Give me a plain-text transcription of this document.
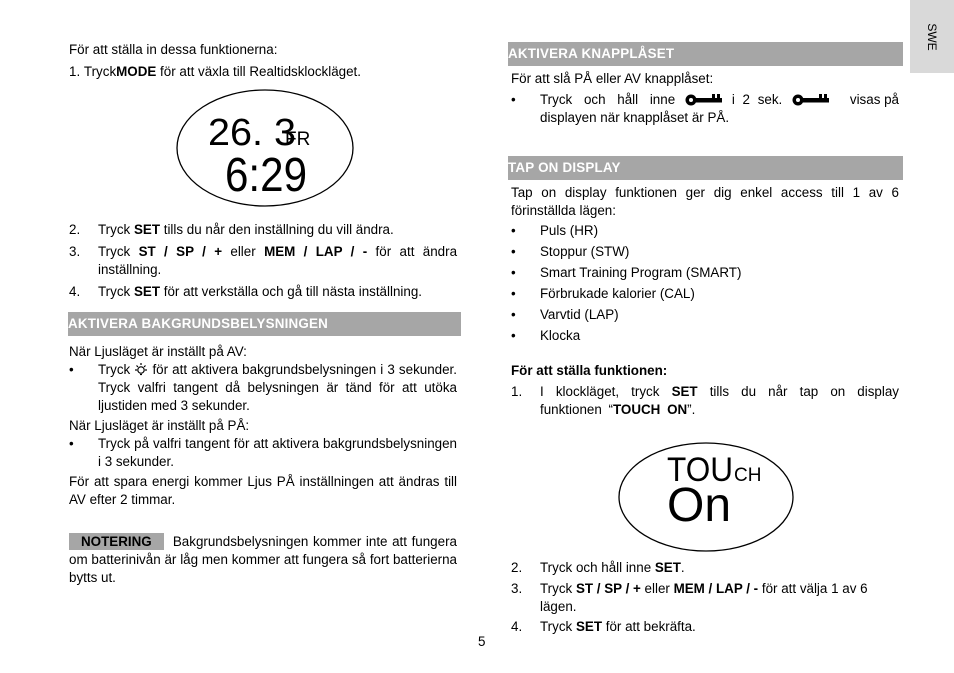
SWE

För att ställa in dessa funktionerna:

1.
Tryck MODE för att växla till Realtidsklockläget.
26. 3
FR
6:29
2.	Tryck SET tills du når den inställning du vill ändra.
3.	Tryck ST / SP / + eller MEM / LAP / - för att ändra inställning.
4.	Tryck SET för att verkställa och gå till nästa inställning.
AKTIVERA BAKGRUNDSBELYSNINGEN

När Ljusläget är inställt på AV:

•	Tryck  för att aktivera bakgrundsbelysningen i 3 sekunder. Tryck valfri tangent då belysningen är tänd för att utöka ljustiden med 3 sekunder.

När Ljusläget är inställt på PÅ:

•	Tryck på valfri tangent för att aktivera bakgrundsbelysningen i 3 sekunder.

För att spara energi kommer Ljus PÅ inställningen att ändras till AV efter 2 timmar.

NOTERING Bakgrundsbelysningen kommer inte att fungera om batterinivån är låg men kommer att fungera så fort batterierna bytts ut.

AKTIVERA KNAPPLÅSET

För att slå PÅ eller AV knapplåset:

•	Tryck och håll inne	i 2 sek.	visas på

displayen när knapplåset är PÅ.

TAP ON DISPLAY

Tap on display funktionen ger dig enkel access till 1 av 6 förinställda lägen:

•	Puls (HR)
•	Stoppur (STW)
•	Smart Training Program (SMART)
•	Förbrukade kalorier (CAL)
•	Varvtid (LAP)
•	Klocka

För att ställa funktionen:

1.	I klockläget, tryck SET tills du når tap on display funktionen “TOUCH ON”.
TOU CH
On
2.	Tryck och håll inne SET.
3.	Tryck ST / SP / + eller MEM / LAP / - för att välja 1 av 6 lägen.
4.	Tryck SET för att bekräfta.

5
